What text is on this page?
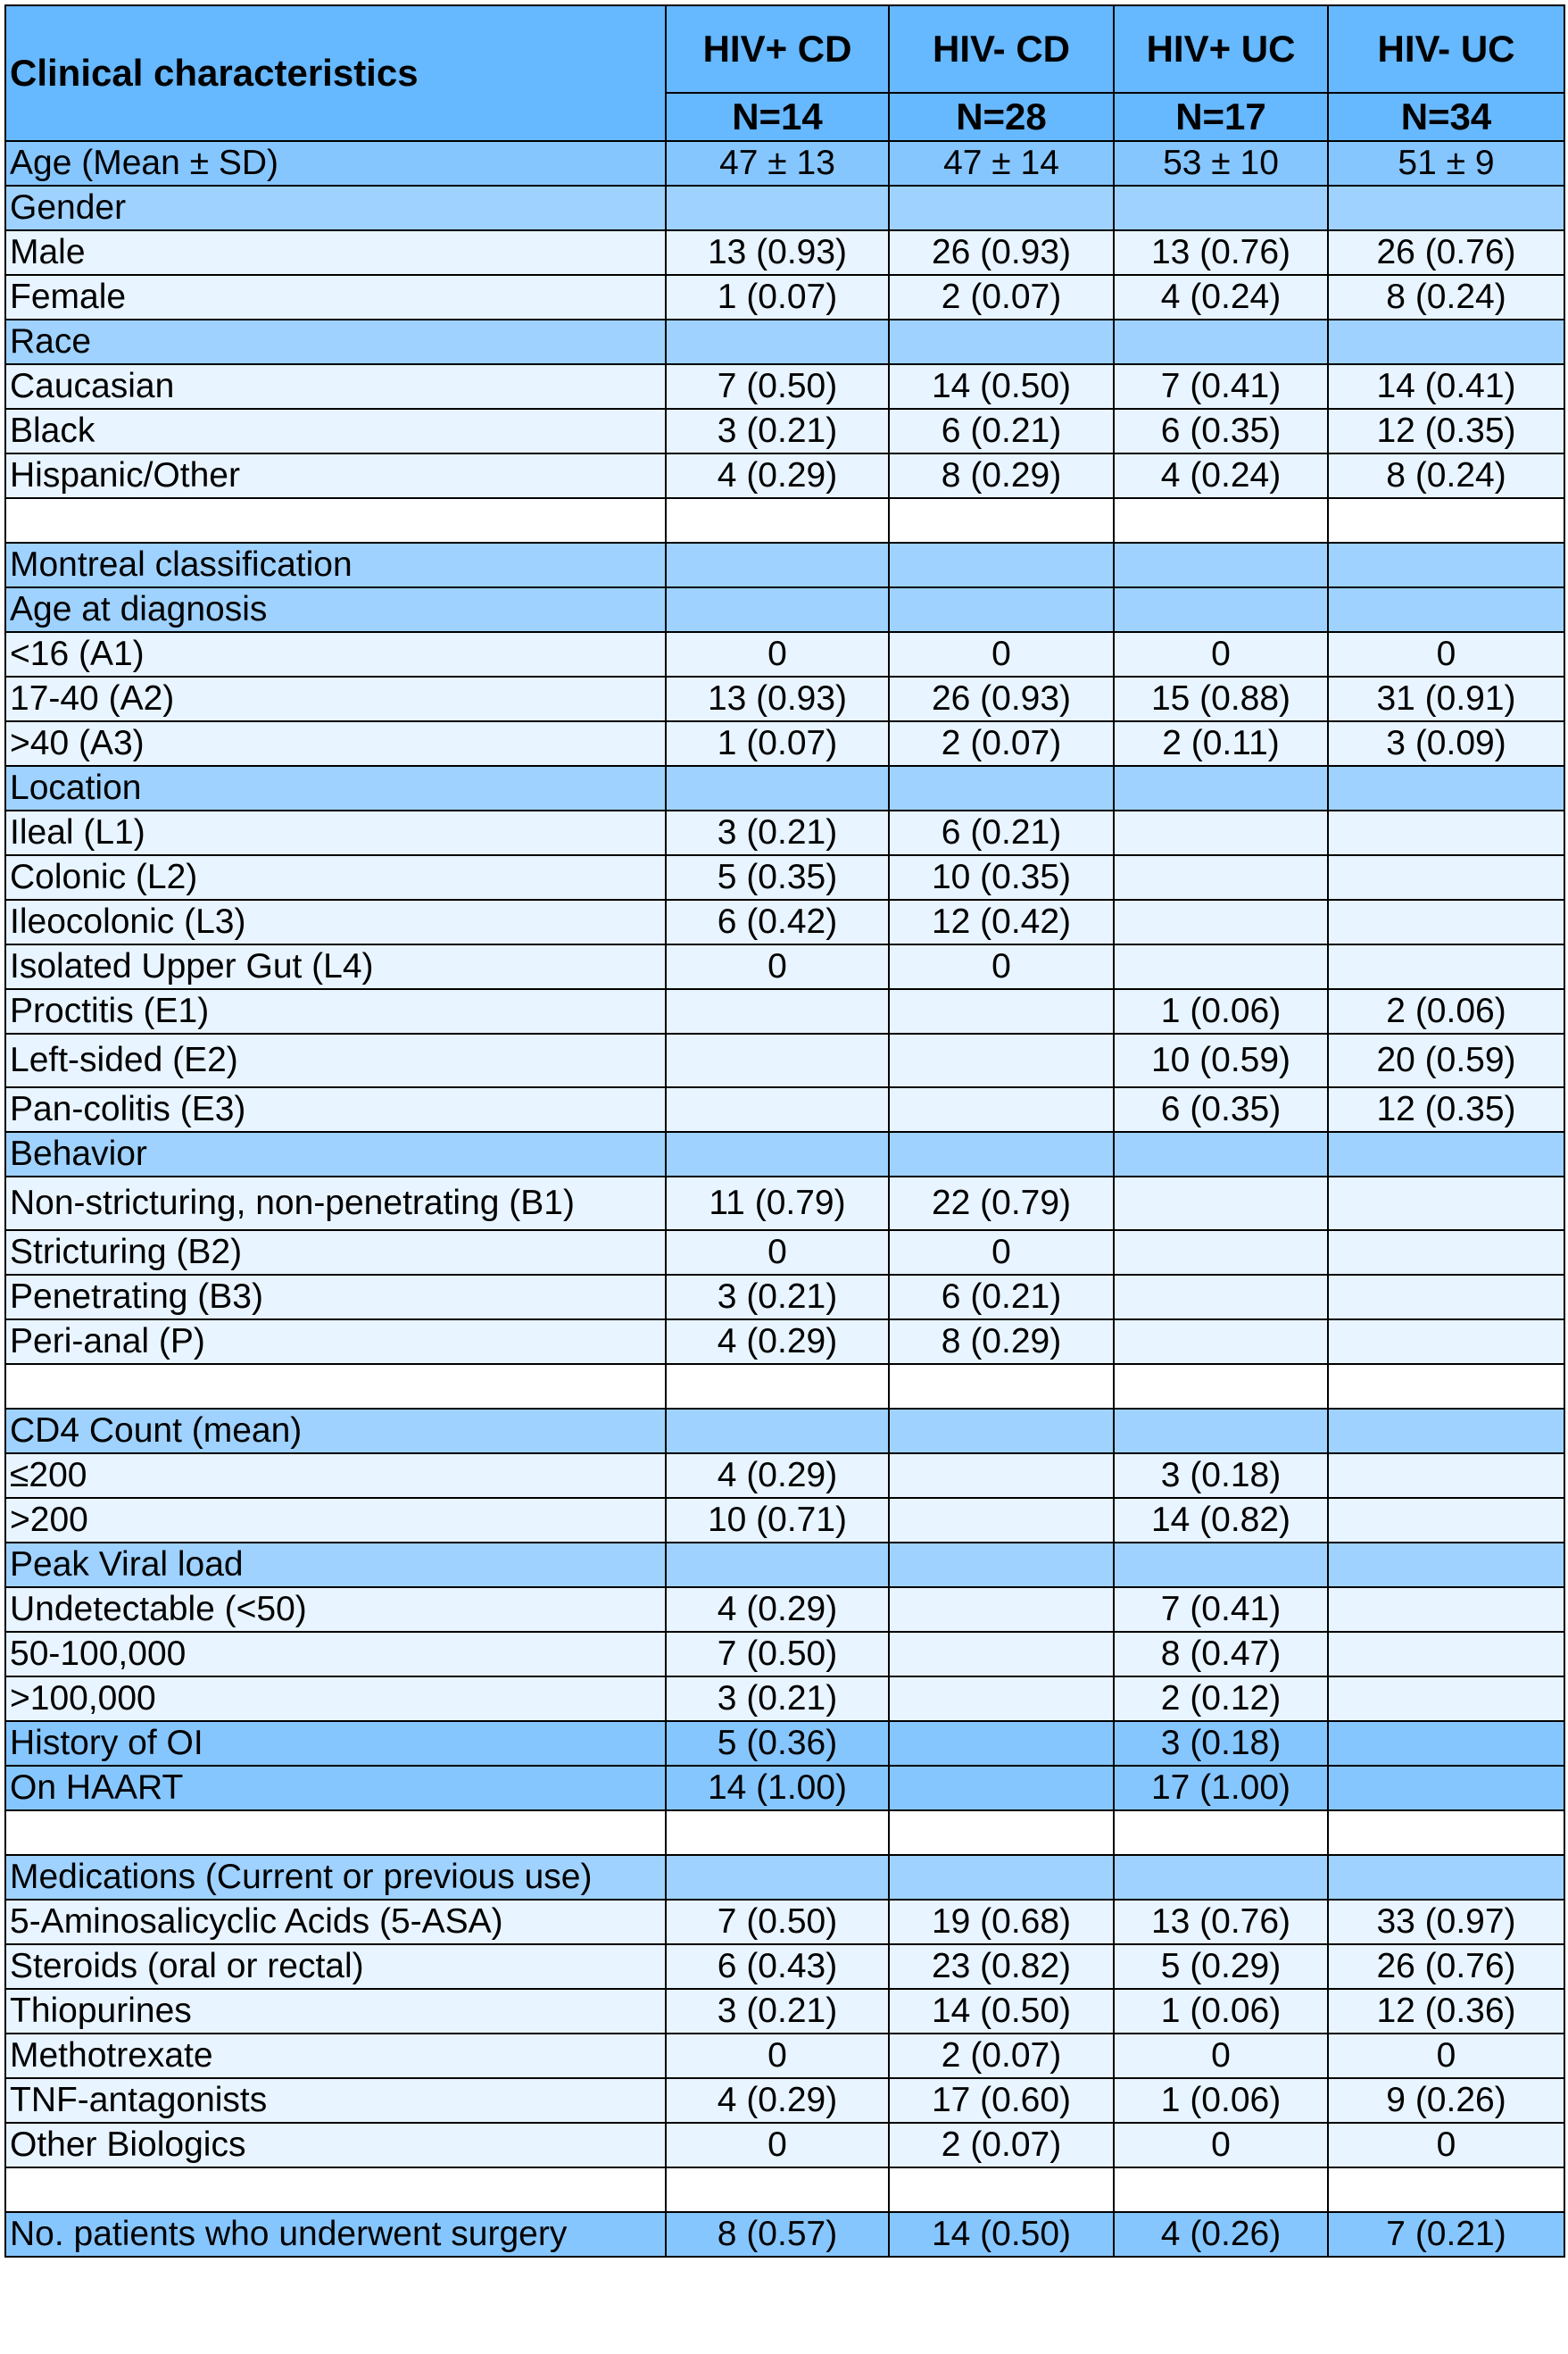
Clinical characteristics	HIV+ CD	HIV- CD	HIV+ UC	HIV- UC
	N=14	N=28	N=17	N=34
Age (Mean ± SD)	47 ± 13	47 ± 14	53 ± 10	51 ± 9
Gender				
Male	13 (0.93)	26 (0.93)	13 (0.76)	26 (0.76)
Female	1 (0.07)	2 (0.07)	4 (0.24)	8 (0.24)
Race				
Caucasian	7 (0.50)	14 (0.50)	7 (0.41)	14 (0.41)
Black	3 (0.21)	6 (0.21)	6 (0.35)	12 (0.35)
Hispanic/Other	4 (0.29)	8 (0.29)	4 (0.24)	8 (0.24)

Montreal classification				
Age at diagnosis				
<16 (A1)	0	0	0	0
17-40 (A2)	13 (0.93)	26 (0.93)	15 (0.88)	31 (0.91)
>40 (A3)	1 (0.07)	2 (0.07)	2 (0.11)	3 (0.09)
Location				
Ileal (L1)	3 (0.21)	6 (0.21)		
Colonic (L2)	5 (0.35)	10 (0.35)		
Ileocolonic (L3)	6 (0.42)	12 (0.42)		
Isolated Upper Gut (L4)	0	0		
Proctitis (E1)			1 (0.06)	2 (0.06)
Left-sided (E2)			10 (0.59)	20 (0.59)
Pan-colitis (E3)			6 (0.35)	12 (0.35)
Behavior				
Non-stricturing, non-penetrating (B1)	11 (0.79)	22 (0.79)		
Stricturing (B2)	0	0		
Penetrating (B3)	3 (0.21)	6 (0.21)		
Peri-anal (P)	4 (0.29)	8 (0.29)		

CD4 Count (mean)				
≤200	4 (0.29)		3 (0.18)	
>200	10 (0.71)		14 (0.82)	
Peak Viral load				
Undetectable (<50)	4 (0.29)		7 (0.41)	
50-100,000	7 (0.50)		8 (0.47)	
>100,000	3 (0.21)		2 (0.12)	
History of OI	5 (0.36)		3 (0.18)	
On HAART	14 (1.00)		17 (1.00)	

Medications (Current or previous use)				
5-Aminosalicyclic Acids (5-ASA)	7 (0.50)	19 (0.68)	13 (0.76)	33 (0.97)
Steroids (oral or rectal)	6 (0.43)	23 (0.82)	5 (0.29)	26 (0.76)
Thiopurines	3 (0.21)	14 (0.50)	1 (0.06)	12 (0.36)
Methotrexate	0	2 (0.07)	0	0
TNF-antagonists	4 (0.29)	17 (0.60)	1 (0.06)	9 (0.26)
Other Biologics	0	2 (0.07)	0	0

No. patients who underwent surgery	8 (0.57)	14 (0.50)	4 (0.26)	7 (0.21)
